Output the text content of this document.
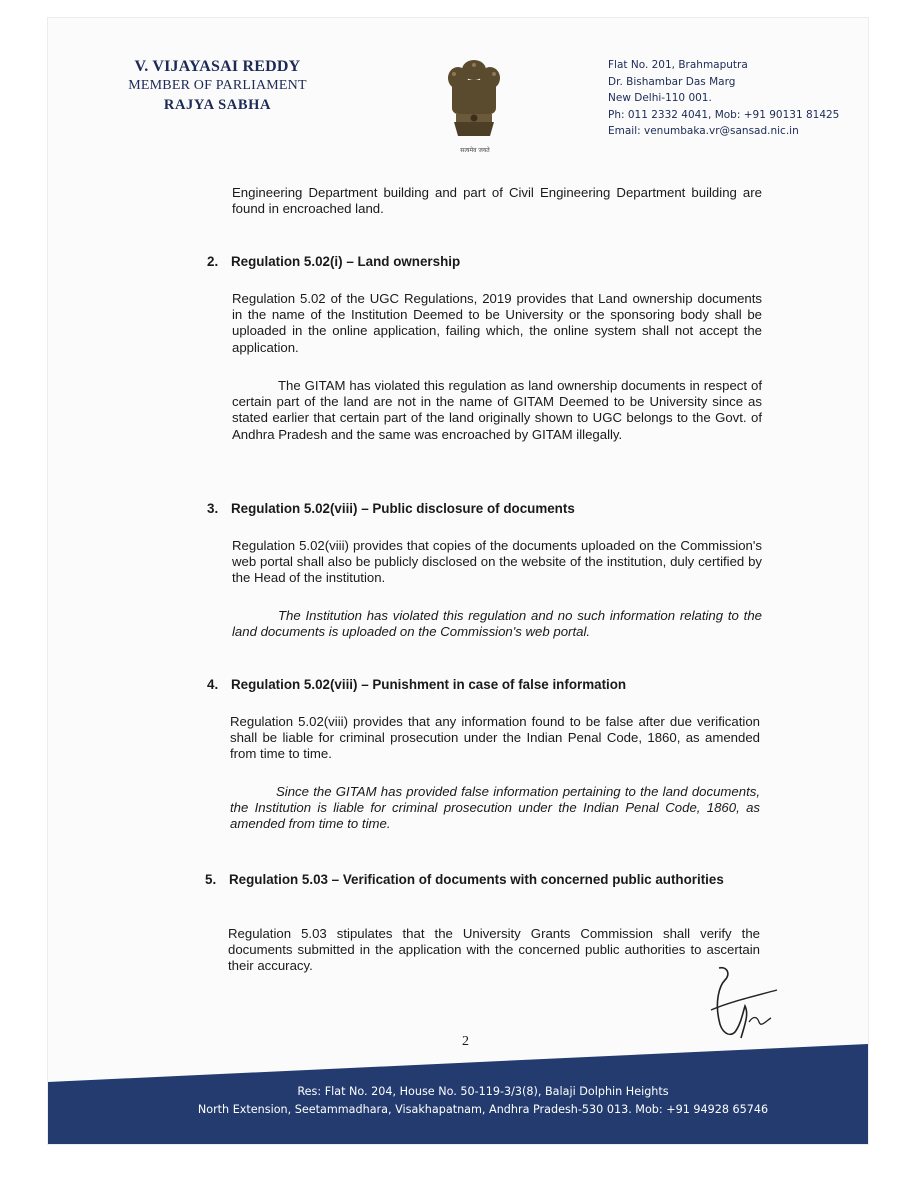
V. VIJAYASAI REDDY
MEMBER OF PARLIAMENT
RAJYA SABHA
सत्यमेव जयते
Flat No. 201, Brahmaputra
Dr. Bishambar Das Marg
New Delhi-110 001.
Ph: 011 2332 4041, Mob: +91 90131 81425
Email: venumbaka.vr@sansad.nic.in
Engineering Department building and part of Civil Engineering Department building are found in encroached land.
2. Regulation 5.02(i) – Land ownership
Regulation 5.02 of the UGC Regulations, 2019 provides that Land ownership documents in the name of the Institution Deemed to be University or the sponsoring body shall be uploaded in the online application, failing which, the online system shall not accept the application.
The GITAM has violated this regulation as land ownership documents in respect of certain part of the land are not in the name of GITAM Deemed to be University since as stated earlier that certain part of the land originally shown to UGC belongs to the Govt. of Andhra Pradesh and the same was encroached by GITAM illegally.
3. Regulation 5.02(viii) – Public disclosure of documents
Regulation 5.02(viii) provides that copies of the documents uploaded on the Commission's web portal shall also be publicly disclosed on the website of the institution, duly certified by the Head of the institution.
The Institution has violated this regulation and no such information relating to the land documents is uploaded on the Commission's web portal.
4. Regulation 5.02(viii) – Punishment in case of false information
Regulation 5.02(viii) provides that any information found to be false after due verification shall be liable for criminal prosecution under the Indian Penal Code, 1860, as amended from time to time.
Since the GITAM has provided false information pertaining to the land documents, the Institution is liable for criminal prosecution under the Indian Penal Code, 1860, as amended from time to time.
5. Regulation 5.03 – Verification of documents with concerned public authorities
Regulation 5.03 stipulates that the University Grants Commission shall verify the documents submitted in the application with the concerned public authorities to ascertain their accuracy.
2
Res: Flat No. 204, House No. 50-119-3/3(8), Balaji Dolphin Heights
North Extension, Seetammadhara, Visakhapatnam, Andhra Pradesh-530 013. Mob: +91 94928 65746
